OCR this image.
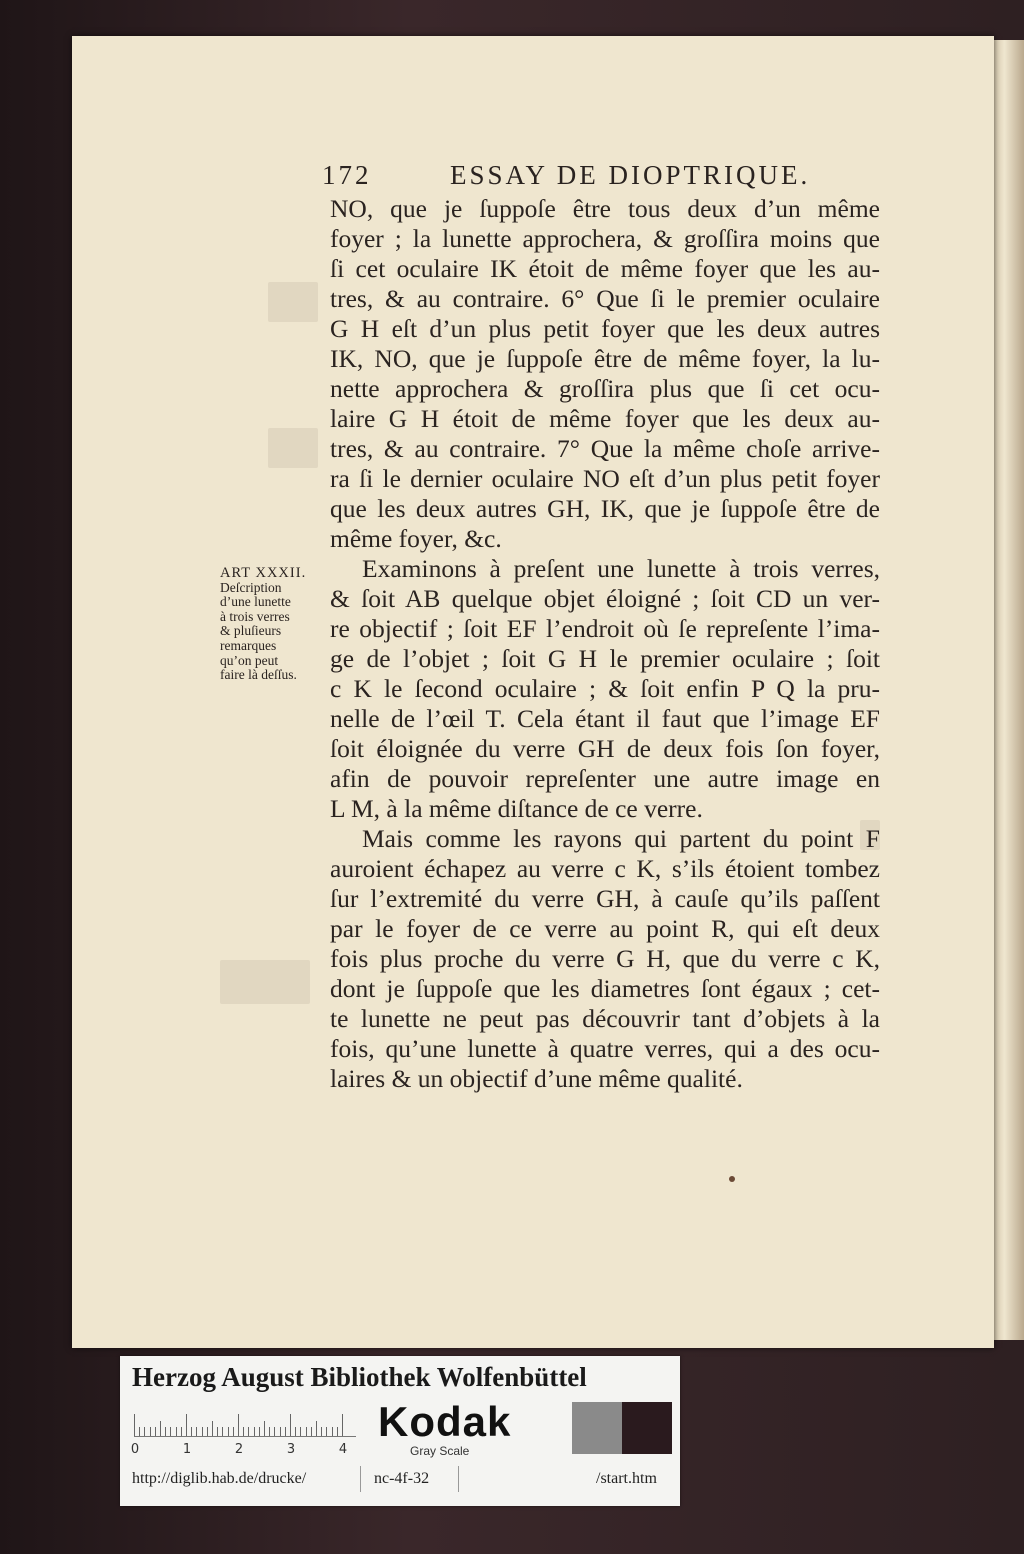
172	ESSAY DE DIOPTRIQUE.
NO, que je ſuppoſe être tous deux d’un même
foyer ; la lunette approchera, & groſſira moins que
ſi cet oculaire IK étoit de même foyer que les au-
tres, & au contraire. 6° Que ſi le premier oculaire
G H eſt d’un plus petit foyer que les deux autres
IK, NO, que je ſuppoſe être de même foyer, la lu-
nette approchera & groſſira plus que ſi cet ocu-
laire G H étoit de même foyer que les deux au-
tres, & au contraire. 7° Que la même choſe arrive-
ra ſi le dernier oculaire NO eſt d’un plus petit foyer
que les deux autres GH, IK, que je ſuppoſe être de
même foyer, &c.
Examinons à preſent une lunette à trois verres,
& ſoit AB quelque objet éloigné ; ſoit CD un ver-
re objectif ; ſoit EF l’endroit où ſe repreſente l’ima-
ge de l’objet ; ſoit G H le premier oculaire ; ſoit
c K le ſecond oculaire ; & ſoit enfin P Q la pru-
nelle de l’œil T. Cela étant il faut que l’image EF
ſoit éloignée du verre GH de deux fois ſon foyer,
afin de pouvoir repreſenter une autre image en
L M, à la même diſtance de ce verre.
Mais comme les rayons qui partent du point F
auroient échapez au verre c K, s’ils étoient tombez
ſur l’extremité du verre GH, à cauſe qu’ils paſſent
par le foyer de ce verre au point R, qui eſt deux
fois plus proche du verre G H, que du verre c K,
dont je ſuppoſe que les diametres ſont égaux ; cet-
te lunette ne peut pas découvrir tant d’objets à la
fois, qu’une lunette à quatre verres, qui a des ocu-
laires & un objectif d’une même qualité.
ART XXXII.
Deſcription
d’une lunette
à trois verres
& pluſieurs
remarques
qu’on peut
faire là deſſus.
Herzog August Bibliothek Wolfenbüttel
Kodak
Gray Scale
http://diglib.hab.de/drucke/	nc-4f-32	/start.htm
0	1	2	3	4
